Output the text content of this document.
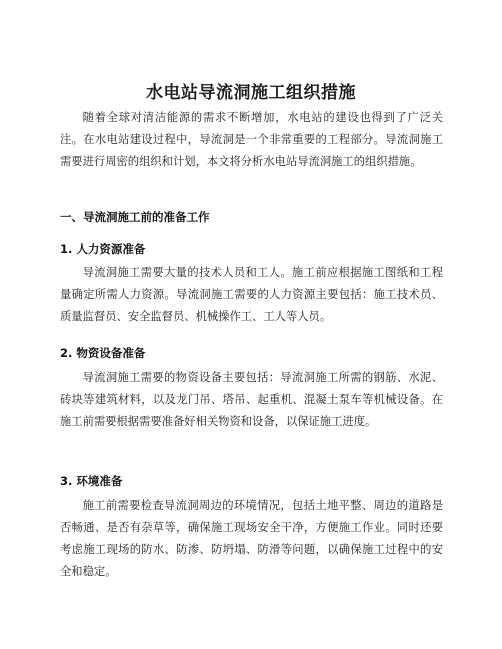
水电站导流洞施工组织措施

随着全球对清洁能源的需求不断增加，水电站的建设也得到了广泛关注。在水电站建设过程中，导流洞是一个非常重要的工程部分。导流洞施工需要进行周密的组织和计划，本文将分析水电站导流洞施工的组织措施。

一、导流洞施工前的准备工作
1. 人力资源准备

导流洞施工需要大量的技术人员和工人。施工前应根据施工图纸和工程量确定所需人力资源。导流洞施工需要的人力资源主要包括：施工技术员、质量监督员、安全监督员、机械操作工、工人等人员。

2. 物资设备准备

导流洞施工需要的物资设备主要包括：导流洞施工所需的钢筋、水泥、砖块等建筑材料，以及龙门吊、塔吊、起重机、混凝土泵车等机械设备。在施工前需要根据需要准备好相关物资和设备，以保证施工进度。

3. 环境准备

施工前需要检查导流洞周边的环境情况，包括土地平整、周边的道路是否畅通、是否有杂草等，确保施工现场安全干净，方便施工作业。同时还要考虑施工现场的防水、防渗、防坍塌、防滑等问题，以确保施工过程中的安全和稳定。
